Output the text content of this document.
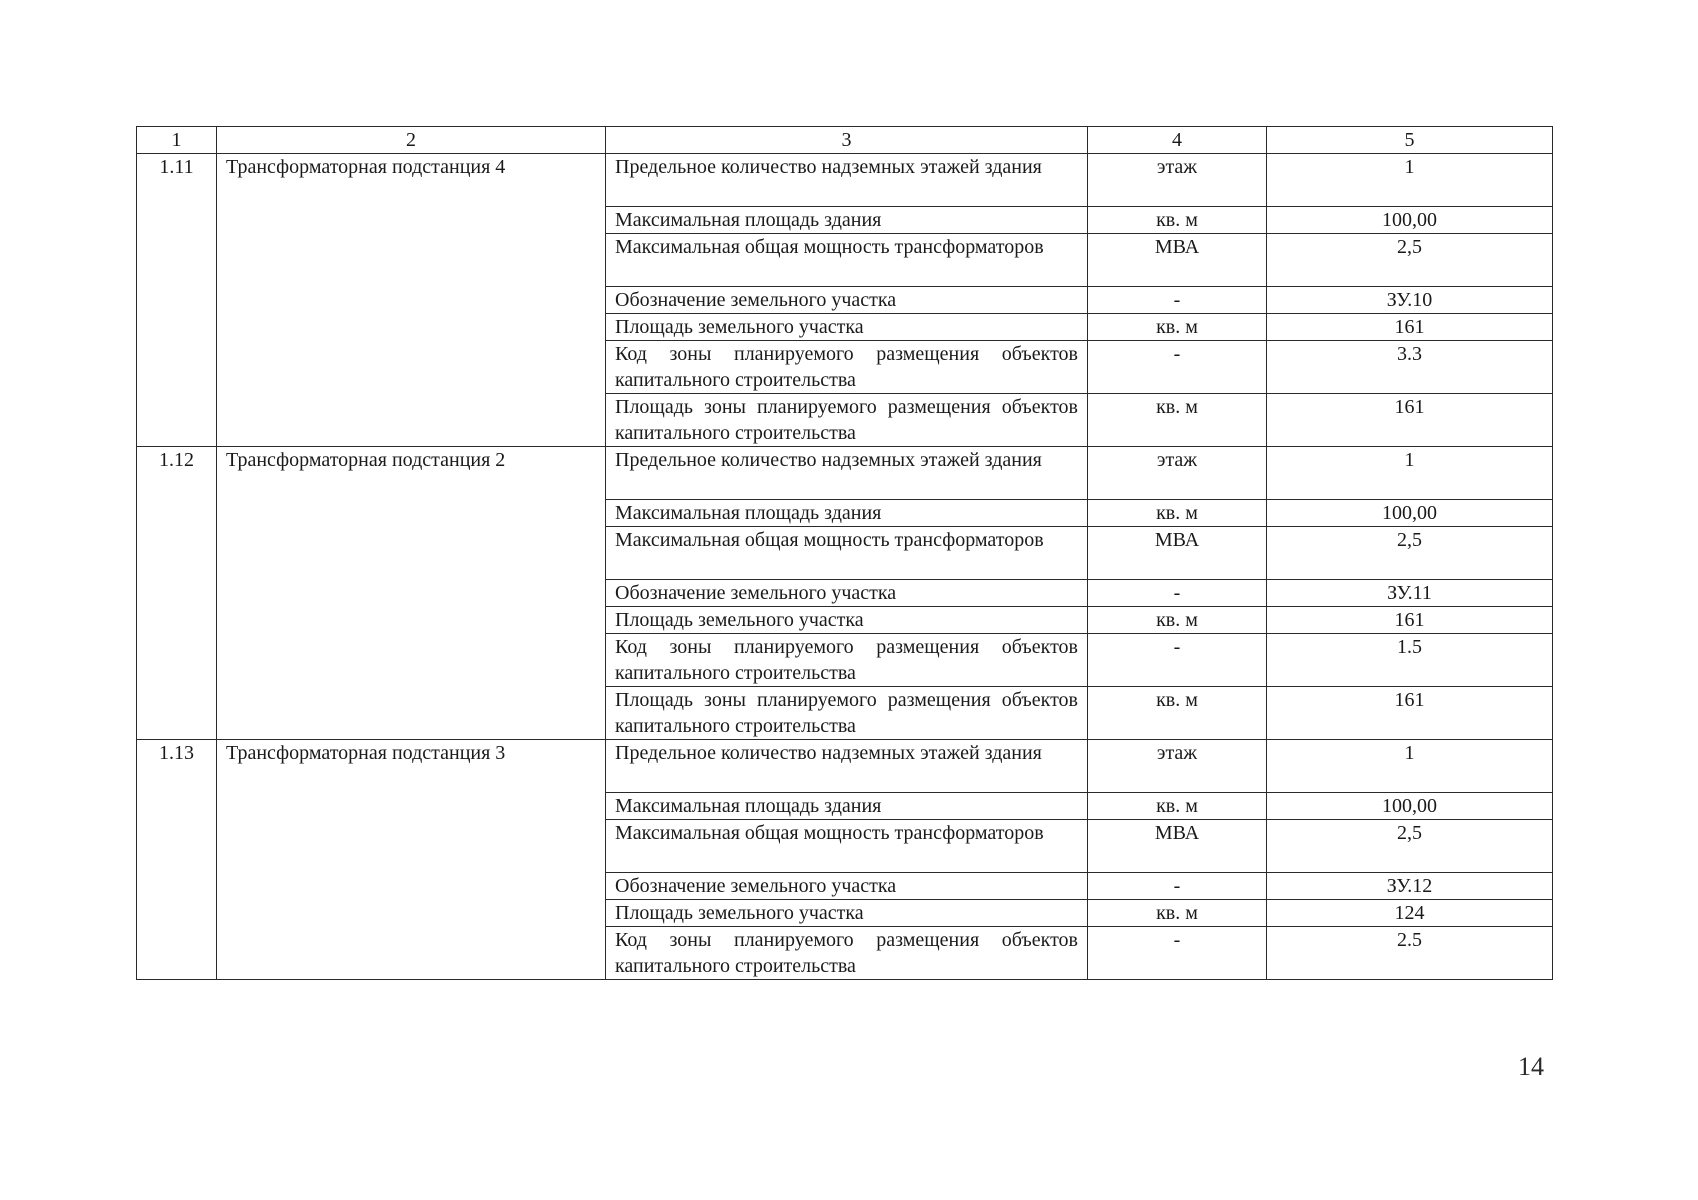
1	2	3	4	5
1.11	Трансформаторная подстанция 4	Предельное количество надземных этажей здания	этаж	1
		Максимальная площадь здания	кв. м	100,00
		Максимальная общая мощность трансформаторов	МВА	2,5
		Обозначение земельного участка	-	ЗУ.10
		Площадь земельного участка	кв. м	161
		Код зоны планируемого размещения объектов капитального строительства	-	3.3
		Площадь зоны планируемого размещения объектов капитального строительства	кв. м	161
1.12	Трансформаторная подстанция 2	Предельное количество надземных этажей здания	этаж	1
		Максимальная площадь здания	кв. м	100,00
		Максимальная общая мощность трансформаторов	МВА	2,5
		Обозначение земельного участка	-	ЗУ.11
		Площадь земельного участка	кв. м	161
		Код зоны планируемого размещения объектов капитального строительства	-	1.5
		Площадь зоны планируемого размещения объектов капитального строительства	кв. м	161
1.13	Трансформаторная подстанция 3	Предельное количество надземных этажей здания	этаж	1
		Максимальная площадь здания	кв. м	100,00
		Максимальная общая мощность трансформаторов	МВА	2,5
		Обозначение земельного участка	-	ЗУ.12
		Площадь земельного участка	кв. м	124
		Код зоны планируемого размещения объектов капитального строительства	-	2.5
14
